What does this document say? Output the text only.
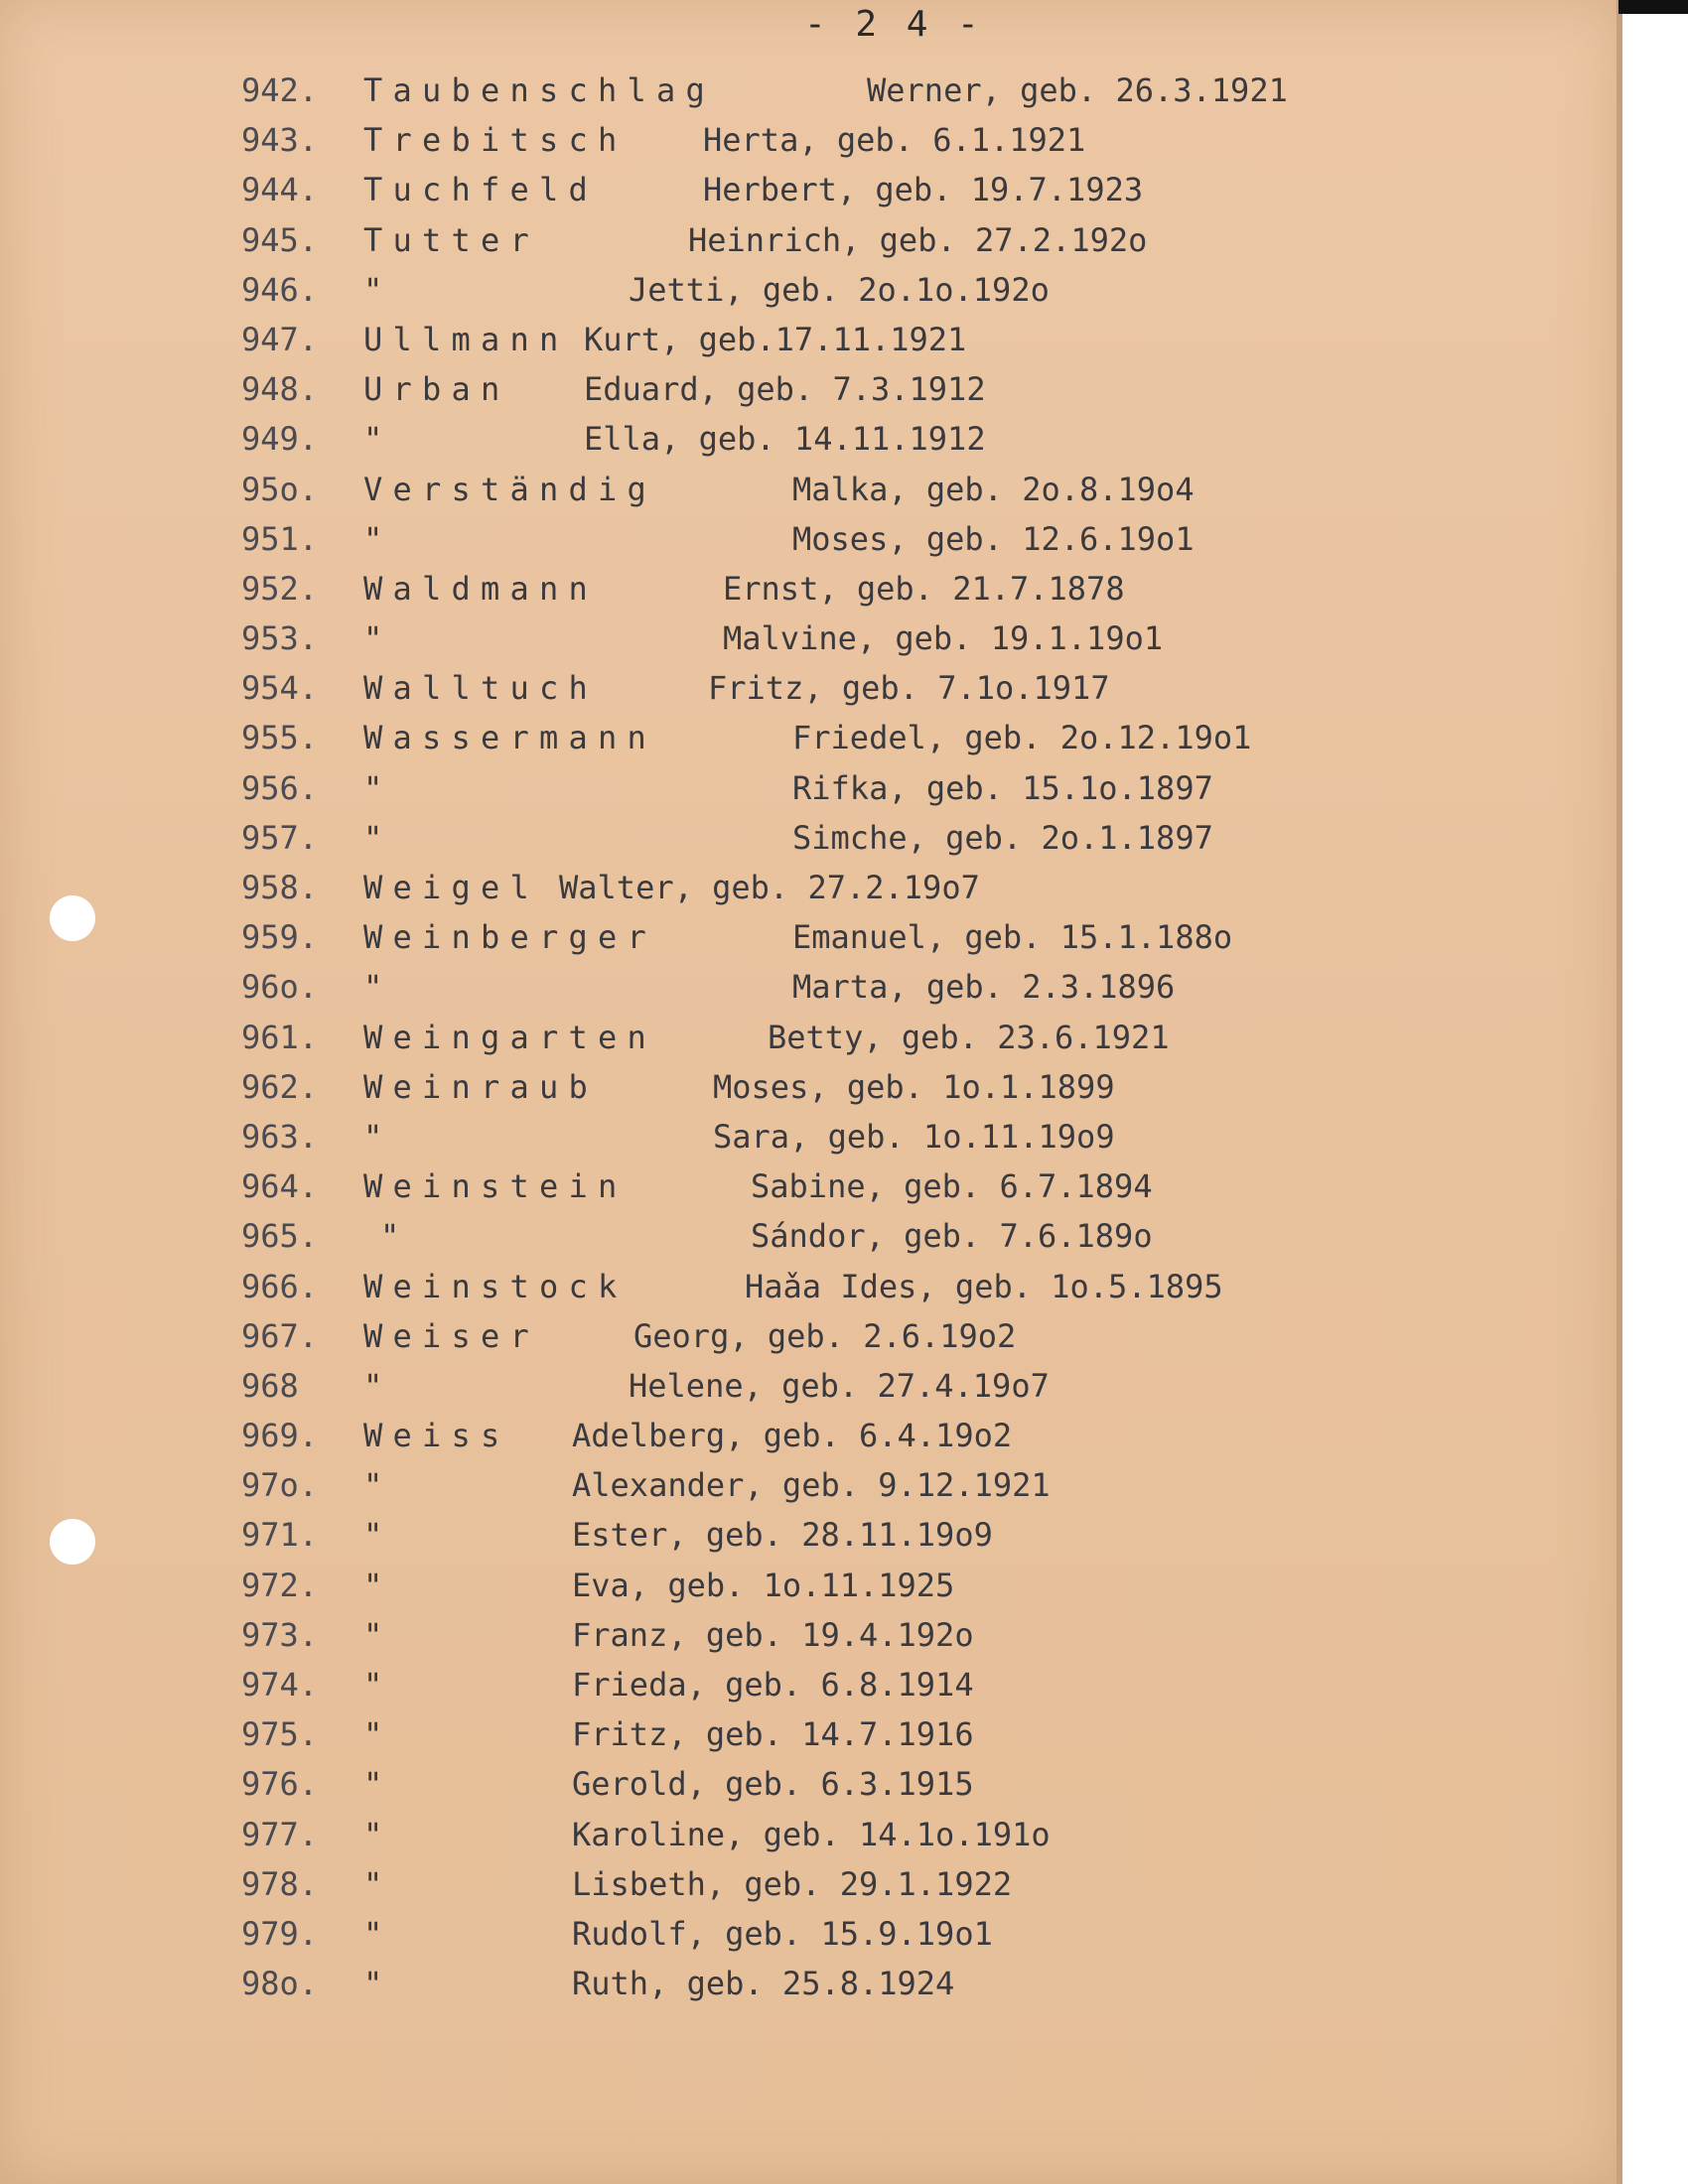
- 2 4 -
942.	Taubenschlag	Werner, geb. 26.3.1921
943.	Trebitsch Herta, geb. 6.1.1921
944.	Tuchfeld	Herbert, geb. 19.7.1923
945.	Tutter	Heinrich, geb. 27.2.192o
946.	"	Jetti, geb. 2o.1o.192o
947.	Ullmann Kurt, geb.17.11.1921
948.	Urban Eduard, geb. 7.3.1912
949.	"	Ella, geb. 14.11.1912
95o.	Verständig	Malka, geb. 2o.8.19o4
951.	"	Moses, geb. 12.6.19o1
952.	Waldmann	Ernst, geb. 21.7.1878
953.	"	Malvine, geb. 19.1.19o1
954.	Walltuch	Fritz, geb. 7.1o.1917
955.	Wassermann	Friedel, geb. 2o.12.19o1
956.	"	Rifka, geb. 15.1o.1897
957.	"	Simche, geb. 2o.1.1897
958.	Weigel Walter, geb. 27.2.19o7
959.	Weinberger	Emanuel, geb. 15.1.188o
96o.	"	Marta, geb. 2.3.1896
961.	Weingarten	Betty, geb. 23.6.1921
962.	Weinraub	Moses, geb. 1o.1.1899
963.	"	Sara, geb. 1o.11.19o9
964.	Weinstein	Sabine, geb. 6.7.1894
965.	"	Sándor, geb. 7.6.189o
966.	Weinstock	Haǎa Ides, geb. 1o.5.1895
967.	Weiser	Georg, geb. 2.6.19o2
968	"	Helene, geb. 27.4.19o7
969.	Weiss Adelberg, geb. 6.4.19o2
97o.	"	Alexander, geb. 9.12.1921
971.	"	Ester, geb. 28.11.19o9
972.	"	Eva, geb. 1o.11.1925
973.	"	Franz, geb. 19.4.192o
974.	"	Frieda, geb. 6.8.1914
975.	"	Fritz, geb. 14.7.1916
976.	"	Gerold, geb. 6.3.1915
977.	"	Karoline, geb. 14.1o.191o
978.	"	Lisbeth, geb. 29.1.1922
979.	"	Rudolf, geb. 15.9.19o1
98o.	"	Ruth, geb. 25.8.1924
